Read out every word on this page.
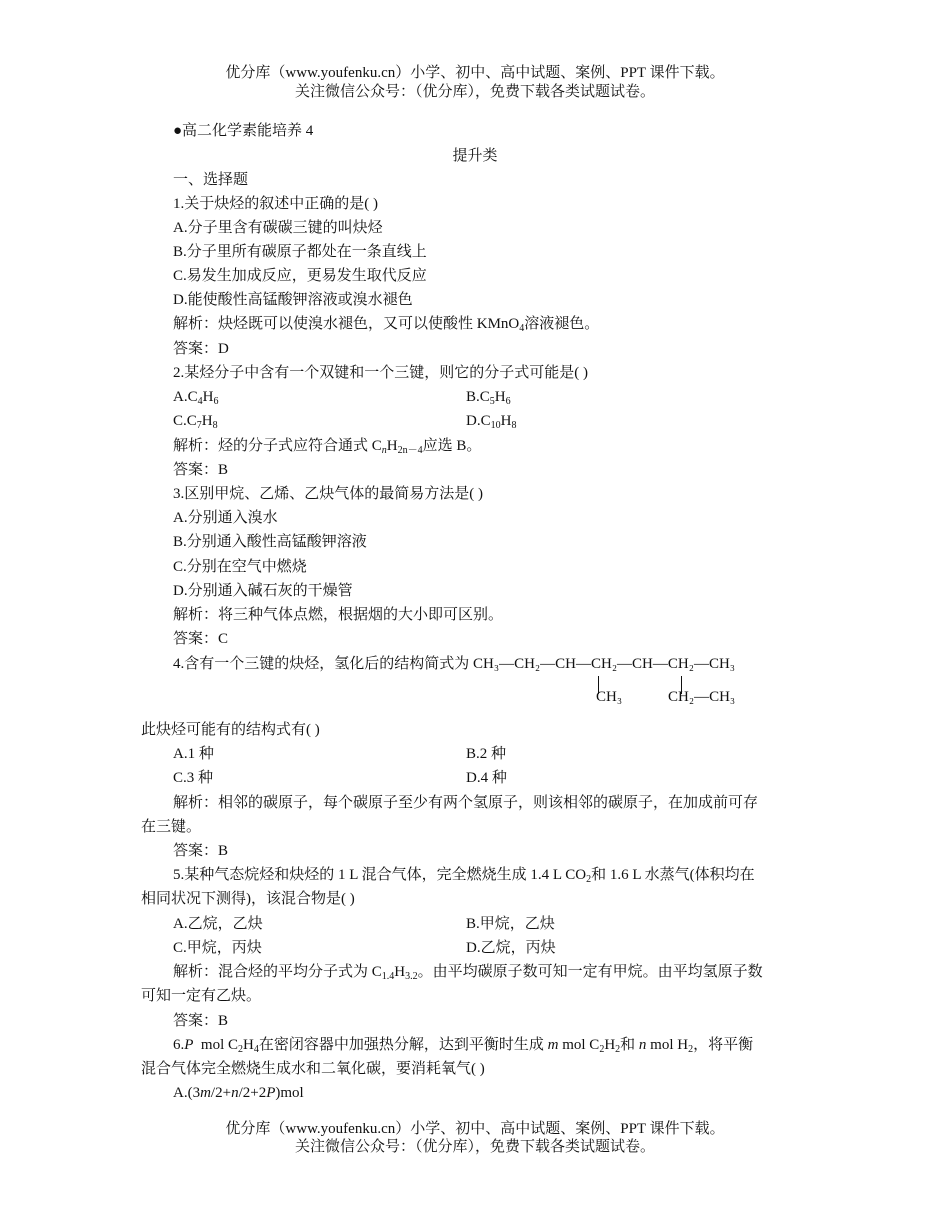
优分库（www.youfenku.cn）小学、初中、高中试题、案例、PPT 课件下载。
关注微信公众号：（优分库），免费下载各类试题试卷。
●高二化学素能培养 4
提升类
一、选择题
1.关于炔烃的叙述中正确的是( )
A.分子里含有碳碳三键的叫炔烃
B.分子里所有碳原子都处在一条直线上
C.易发生加成反应，更易发生取代反应
D.能使酸性高锰酸钾溶液或溴水褪色
解析：炔烃既可以使溴水褪色，又可以使酸性 KMnO$_4$溶液褪色。
答案：D
2.某烃分子中含有一个双键和一个三键，则它的分子式可能是( )
$A.C_4H_6$	$B.C_5H_6$
$C.C_7H_8$	$D.C_{10}H_8$
解析：烃的分子式应符合通式 $C_nH_{2n-4}$应选 B。
答案：B
3.区别甲烷、乙烯、乙炔气体的最简易方法是( )
A.分别通入溴水
B.分别通入酸性高锰酸钾溶液
C.分别在空气中燃烧
D.分别通入碱石灰的干燥管
解析：将三种气体点燃，根据烟的大小即可区别。
答案：C
4.含有一个三键的炔烃，氢化后的结构简式为 CH₃—CH₂—CH—CH₂—CH—CH₂—CH₃
CH₃	CH₂—CH₃
此炔烃可能有的结构式有( )
A.1 种	B.2 种
C.3 种	D.4 种
解析：相邻的碳原子，每个碳原子至少有两个氢原子，则该相邻的碳原子，在加成前可存
在三键。
答案：B
5.某种气态烷烃和炔烃的 1 L 混合气体，完全燃烧生成 1.4 L $CO_2$和 1.6 L 水蒸气(体积均在
相同状况下测得)，该混合物是( )
A.乙烷，乙炔	B.甲烷，乙炔
C.甲烷，丙炔	D.乙烷，丙炔
解析：混合烃的平均分子式为 $C_{1.4}H_{3.2}$。由平均碳原子数可知一定有甲烷。由平均氢原子数
可知一定有乙炔。
答案：B
6.P  mol $C_2H_4$在密闭容器中加强热分解，达到平衡时生成 m mol $C_2H_2$和 n mol $H_2$，将平衡
混合气体完全燃烧生成水和二氧化碳，要消耗氧气( )
A.(3m/2+n/2+2P)mol
优分库（www.youfenku.cn）小学、初中、高中试题、案例、PPT 课件下载。
关注微信公众号：（优分库），免费下载各类试题试卷。
